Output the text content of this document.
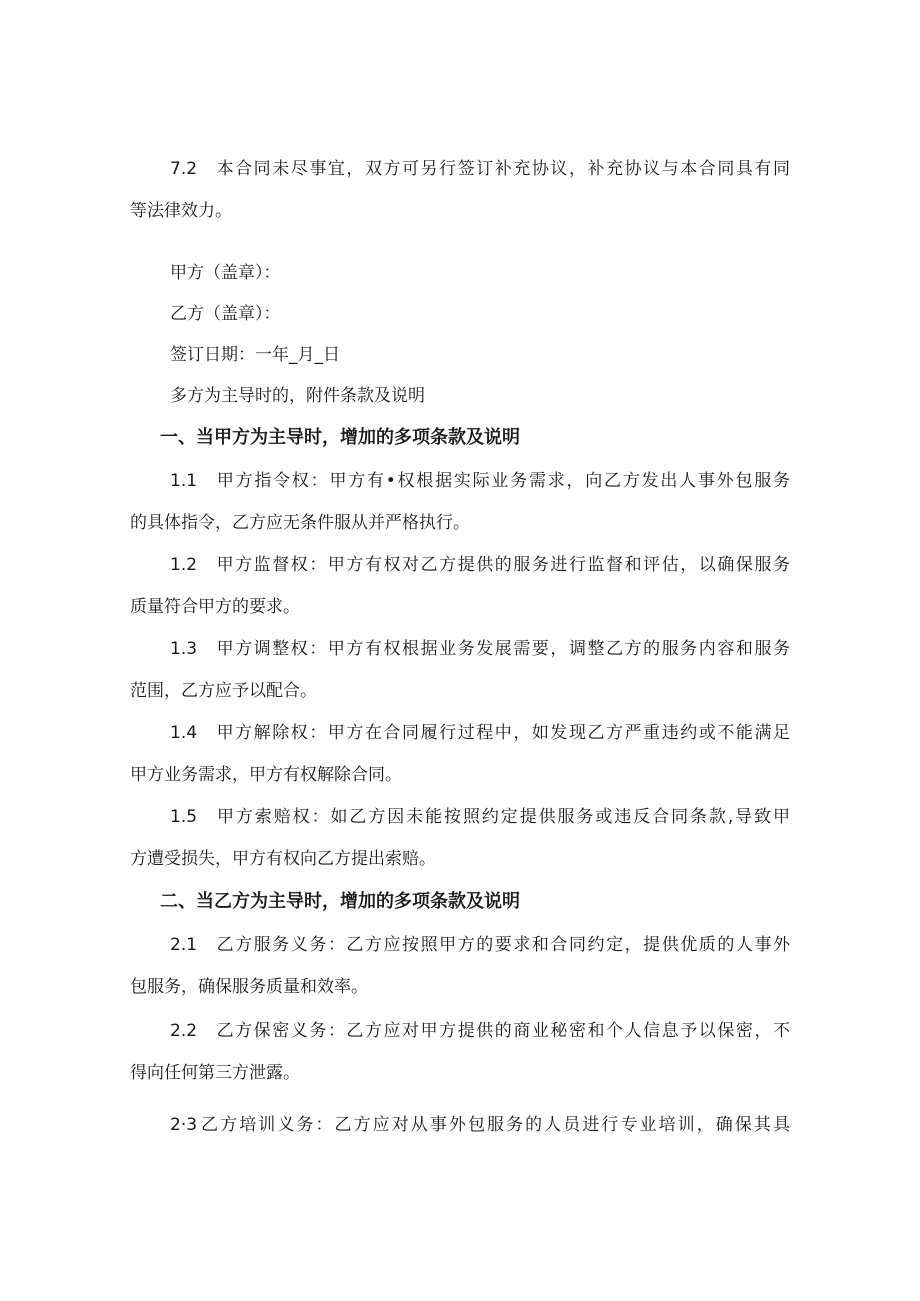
7.2 本合同未尽事宜，双方可另行签订补充协议，补充协议与本合同具有同
等法律效力。

甲方（盖章）：

乙方（盖章）：

签订日期：一年_月_日

多方为主导时的，附件条款及说明

一、当甲方为主导时，增加的多项条款及说明

1.1 甲方指令权：甲方有•权根据实际业务需求，向乙方发出人事外包服务
的具体指令，乙方应无条件服从并严格执行。

1.2 甲方监督权：甲方有权对乙方提供的服务进行监督和评估，以确保服务
质量符合甲方的要求。

1.3 甲方调整权：甲方有权根据业务发展需要，调整乙方的服务内容和服务
范围，乙方应予以配合。

1.4 甲方解除权：甲方在合同履行过程中，如发现乙方严重违约或不能满足
甲方业务需求，甲方有权解除合同。

1.5 甲方索赔权：如乙方因未能按照约定提供服务或违反合同条款,导致甲
方遭受损失，甲方有权向乙方提出索赔。

二、当乙方为主导时，增加的多项条款及说明

2.1 乙方服务义务：乙方应按照甲方的要求和合同约定，提供优质的人事外
包服务，确保服务质量和效率。

2.2 乙方保密义务：乙方应对甲方提供的商业秘密和个人信息予以保密，不
得向任何第三方泄露。

2·3 乙方培训义务：乙方应对从事外包服务的人员进行专业培训，确保其具
